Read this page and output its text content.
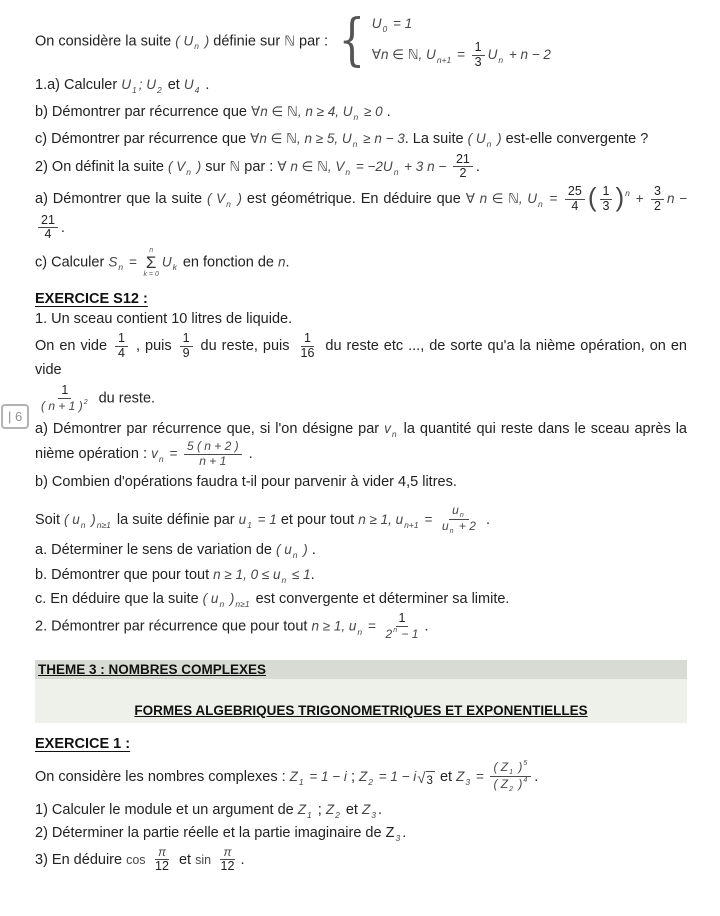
| 6
On considère la suite ( $U_n$ ) définie sur ℕ par : { $U_0 = 1$
∀n ∈ ℕ, $U_{n+1} = \frac{1}{3} U_n + n - 2$
1.a) Calculer $U_1$ ; $U_2$ et $U_4$ .
b) Démontrer par récurrence que ∀n ∈ ℕ, n ≥ 4, $U_n \ge 0$ .
c) Démontrer par récurrence que ∀n ∈ ℕ, n ≥ 5, $U_n \ge n - 3$. La suite ( $U_n$ ) est-elle convergente ?
2) On définit la suite ( $V_n$ ) sur ℕ par : ∀ n ∈ ℕ, $V_n = -2U_n + 3$ $n - \frac{21}{2}$ .
a) Démontrer que la suite ( $V_n$ ) est géométrique. En déduire que ∀ n ∈ ℕ, $U_n = \frac{25}{4}$ ( $\frac{1}{3} )^n + \frac{3}{2}$ n −
$\frac{21}{4}$ .
c) Calculer $S_n$ =
n
Σ
k = 0
$U_k$ en fonction de n.
EXERCICE S12 :
1. Un sceau contient 10 litres de liquide.
On en vide $\frac{1}{4}$ , puis $\frac{1}{9}$ du reste, puis $\frac{1}{16}$ du reste etc ..., de sorte qu'a la nième opération, on en vide
$\frac{1}{( n + 1 )^2}$ du reste.
a) Démontrer par récurrence que, si l'on désigne par $v_n$ la quantité qui reste dans le sceau après la nième opération : $v_n = \frac{5 ( n + 2 )}{n + 1}$ .
b) Combien d'opérations faudra t-il pour parvenir à vider 4,5 litres.
Soit ( $u_n$ )$_{n\ge 1}$ la suite définie par $u_1 = 1$ et pour tout n ≥ 1, $u_{n+1} = \frac{u_n}{u_n + 2}$ .
a. Déterminer le sens de variation de ( $u_n$ ) .
b. Démontrer que pour tout n ≥ 1, $0 \le u_n \le 1$.
c. En déduire que la suite ( $u_n$ )$_{n\ge 1}$ est convergente et déterminer sa limite.
2. Démontrer par récurrence que pour tout n ≥ 1, $u_n = \frac{1}{2^n - 1}$ .
THEME 3 : NOMBRES COMPLEXES
FORMES ALGEBRIQUES TRIGONOMETRIQUES ET EXPONENTIELLES
EXERCICE 1 :
On considère les nombres complexes : $Z_1 = 1 - i$ ; $Z_2 = 1 - i$ √ 3 et $Z_3 = \frac{( Z_1 )^5}{( Z_2 )^4}$ .
1) Calculer le module et un argument de $Z_1$ ; $Z_2$ et $Z_3$ .
2) Déterminer la partie réelle et la partie imaginaire de $Z_3$ .
3) En déduire $\cos \frac{\pi}{12}$ et $\sin \frac{\pi}{12}$ .
